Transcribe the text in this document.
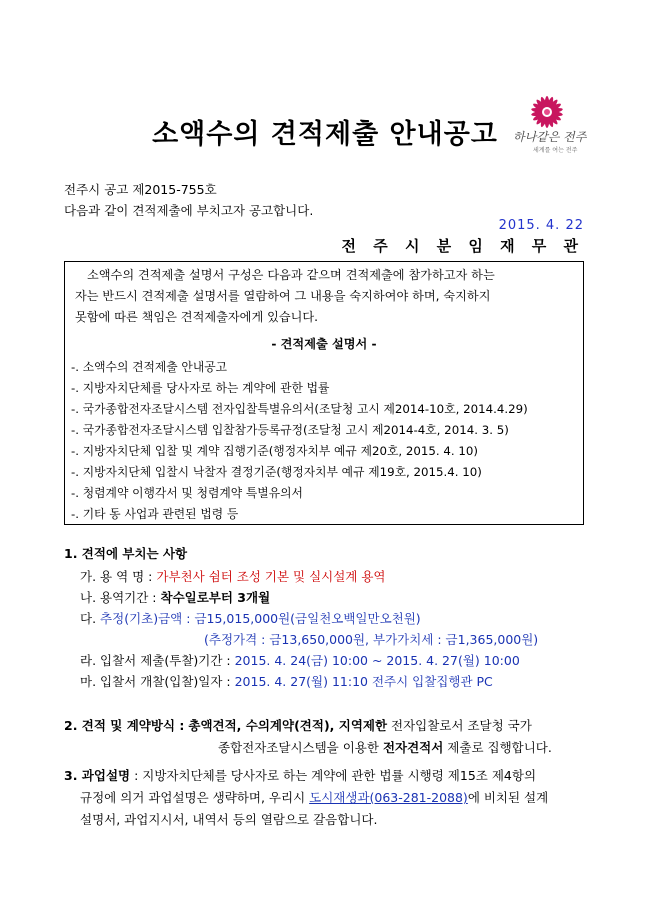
소액수의 견적제출 안내공고	하나같은 전주
세계를 여는 전주
전주시 공고 제2015-755호
다음과 같이 견적제출에 부치고자 공고합니다.
2015. 4. 22
전 주 시 분 임 재 무 관
소액수의 견적제출 설명서 구성은 다음과 같으며 견적제출에 참가하고자 하는
자는 반드시 견적제출 설명서를 열람하여 그 내용을 숙지하여야 하며, 숙지하지
못함에 따른 책임은 견적제출자에게 있습니다.
- 견적제출 설명서 -
-. 소액수의 견적제출 안내공고
-. 지방자치단체를 당사자로 하는 계약에 관한 법률
-. 국가종합전자조달시스템 전자입찰특별유의서(조달청 고시 제2014-10호, 2014.4.29)
-. 국가종합전자조달시스템 입찰참가등록규정(조달청 고시 제2014-4호, 2014. 3. 5)
-. 지방자치단체 입찰 및 계약 집행기준(행정자치부 예규 제20호, 2015. 4. 10)
-. 지방자치단체 입찰시 낙찰자 결정기준(행정자치부 예규 제19호, 2015.4. 10)
-. 청렴계약 이행각서 및 청렴계약 특별유의서
-. 기타 동 사업과 관련된 법령 등
1. 견적에 부치는 사항
가. 용 역 명 : 가부천사 쉼터 조성 기본 및 실시설계 용역
나. 용역기간 : 착수일로부터 3개월
다. 추정(기초)금액 : 금15,015,000원(금일천오백일만오천원)
(추정가격 : 금13,650,000원, 부가가치세 : 금1,365,000원)
라. 입찰서 제출(투찰)기간 : 2015. 4. 24(금) 10:00 ~ 2015. 4. 27(월) 10:00
마. 입찰서 개찰(입찰)일자 : 2015. 4. 27(월) 11:10 전주시 입찰집행관 PC
2. 견적 및 계약방식 : 총액견적, 수의계약(견적), 지역제한 전자입찰로서 조달청 국가
종합전자조달시스템을 이용한 전자견적서 제출로 집행합니다.
3. 과업설명 : 지방자치단체를 당사자로 하는 계약에 관한 법률 시행령 제15조 제4항의
규정에 의거 과업설명은 생략하며, 우리시 도시재생과(063-281-2088)에 비치된 설계
설명서, 과업지시서, 내역서 등의 열람으로 갈음합니다.
